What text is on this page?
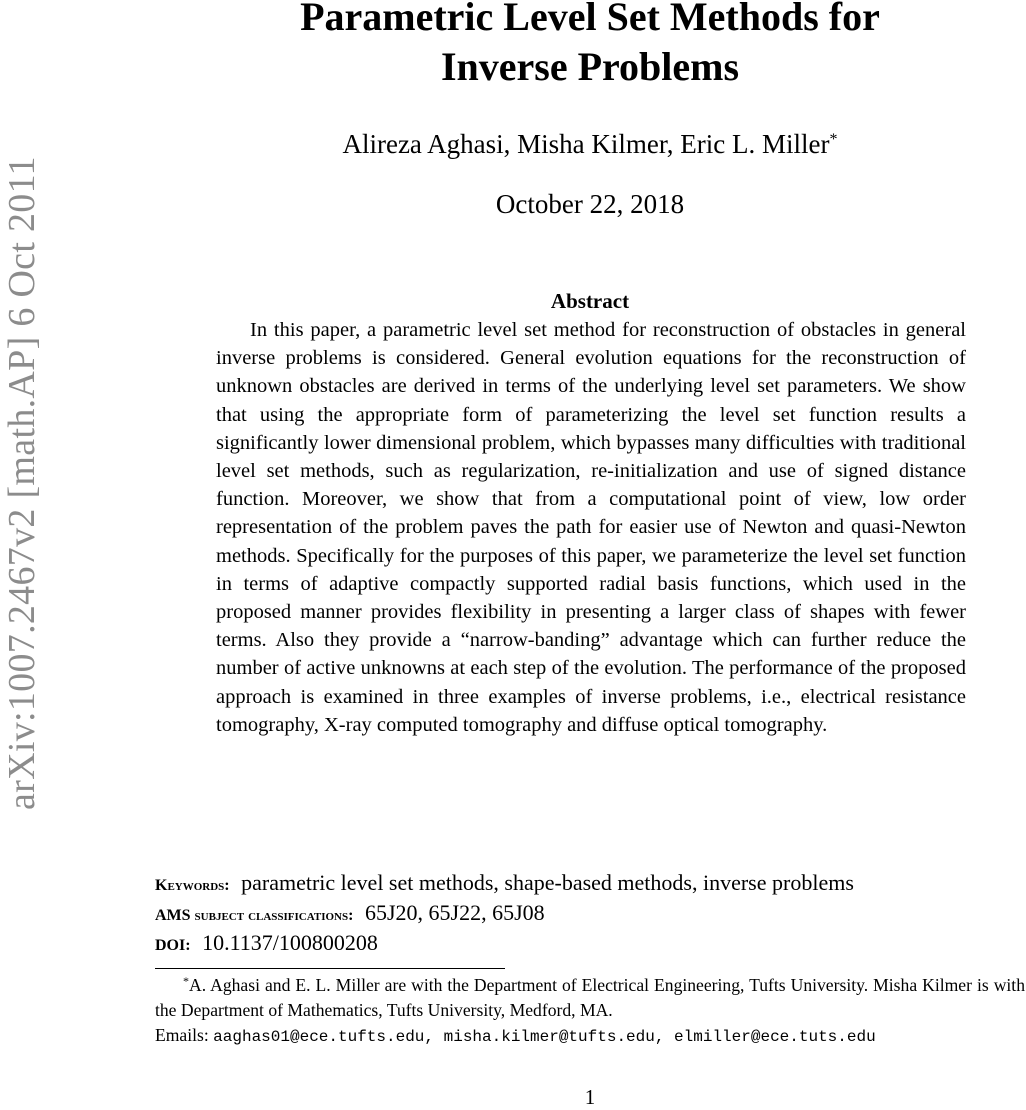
arXiv:1007.2467v2 [math.AP] 6 Oct 2011
Parametric Level Set Methods for
Inverse Problems
Alireza Aghasi, Misha Kilmer, Eric L. Miller*
October 22, 2018
Abstract
In this paper, a parametric level set method for reconstruction of obstacles in general inverse problems is considered. General evolution equations for the reconstruction of unknown obstacles are derived in terms of the underlying level set parameters. We show that using the appropriate form of parameterizing the level set function results a significantly lower dimensional problem, which bypasses many difficulties with traditional level set methods, such as regularization, re-initialization and use of signed distance function. Moreover, we show that from a computational point of view, low order representation of the problem paves the path for easier use of Newton and quasi-Newton methods. Specifically for the purposes of this paper, we parameterize the level set function in terms of adaptive compactly supported radial basis functions, which used in the proposed manner provides flexibility in presenting a larger class of shapes with fewer terms. Also they provide a “narrow-banding” advantage which can further reduce the number of active unknowns at each step of the evolution. The performance of the proposed approach is examined in three examples of inverse problems, i.e., electrical resistance tomography, X-ray computed tomography and diffuse optical tomography.
Keywords: parametric level set methods, shape-based methods, inverse problems
AMS subject classifications: 65J20, 65J22, 65J08
DOI: 10.1137/100800208
*A. Aghasi and E. L. Miller are with the Department of Electrical Engineering, Tufts University. Misha Kilmer is with the Department of Mathematics, Tufts University, Medford, MA.
Emails: aaghas01@ece.tufts.edu, misha.kilmer@tufts.edu, elmiller@ece.tuts.edu
1
